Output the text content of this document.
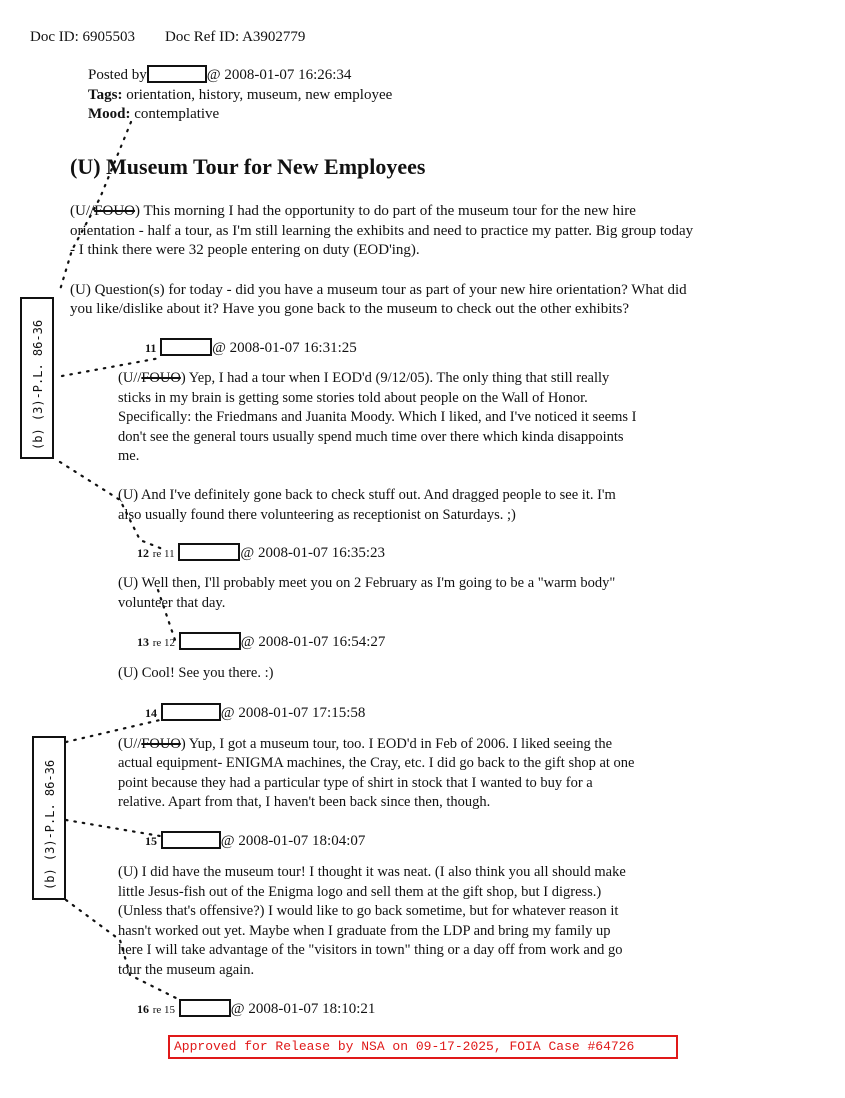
Doc ID: 6905503 Doc Ref ID: A3902779
Posted by	@ 2008-01-07 16:26:34
Tags: orientation, history, museum, new employee
Mood: contemplative
(U) Museum Tour for New Employees
(U//FOUO) This morning I had the opportunity to do part of the museum tour for the new hire
orientation - half a tour, as I'm still learning the exhibits and need to practice my patter. Big group today
- I think there were 32 people entering on duty (EOD'ing).
(U) Question(s) for today - did you have a museum tour as part of your new hire orientation? What did
you like/dislike about it? Have you gone back to the museum to check out the other exhibits?
11	@ 2008-01-07 16:31:25
(U//FOUO) Yep, I had a tour when I EOD'd (9/12/05). The only thing that still really
sticks in my brain is getting some stories told about people on the Wall of Honor.
Specifically: the Friedmans and Juanita Moody. Which I liked, and I've noticed it seems I
don't see the general tours usually spend much time over there which kinda disappoints
me.
(U) And I've definitely gone back to check stuff out. And dragged people to see it. I'm
also usually found there volunteering as receptionist on Saturdays. ;)
12 re 11	@ 2008-01-07 16:35:23
(U) Well then, I'll probably meet you on 2 February as I'm going to be a "warm body"
volunteer that day.
13 re 12	@ 2008-01-07 16:54:27
(U) Cool! See you there. :)
14	@ 2008-01-07 17:15:58
(U//FOUO) Yup, I got a museum tour, too. I EOD'd in Feb of 2006. I liked seeing the
actual equipment- ENIGMA machines, the Cray, etc. I did go back to the gift shop at one
point because they had a particular type of shirt in stock that I wanted to buy for a
relative. Apart from that, I haven't been back since then, though.
15	@ 2008-01-07 18:04:07
(U) I did have the museum tour! I thought it was neat. (I also think you all should make
little Jesus-fish out of the Enigma logo and sell them at the gift shop, but I digress.)
(Unless that's offensive?) I would like to go back sometime, but for whatever reason it
hasn't worked out yet. Maybe when I graduate from the LDP and bring my family up
here I will take advantage of the "visitors in town" thing or a day off from work and go
tour the museum again.
16 re 15	@ 2008-01-07 18:10:21
(b) (3)-P.L. 86-36
(b) (3)-P.L. 86-36
Approved for Release by NSA on 09-17-2025, FOIA Case #64726
